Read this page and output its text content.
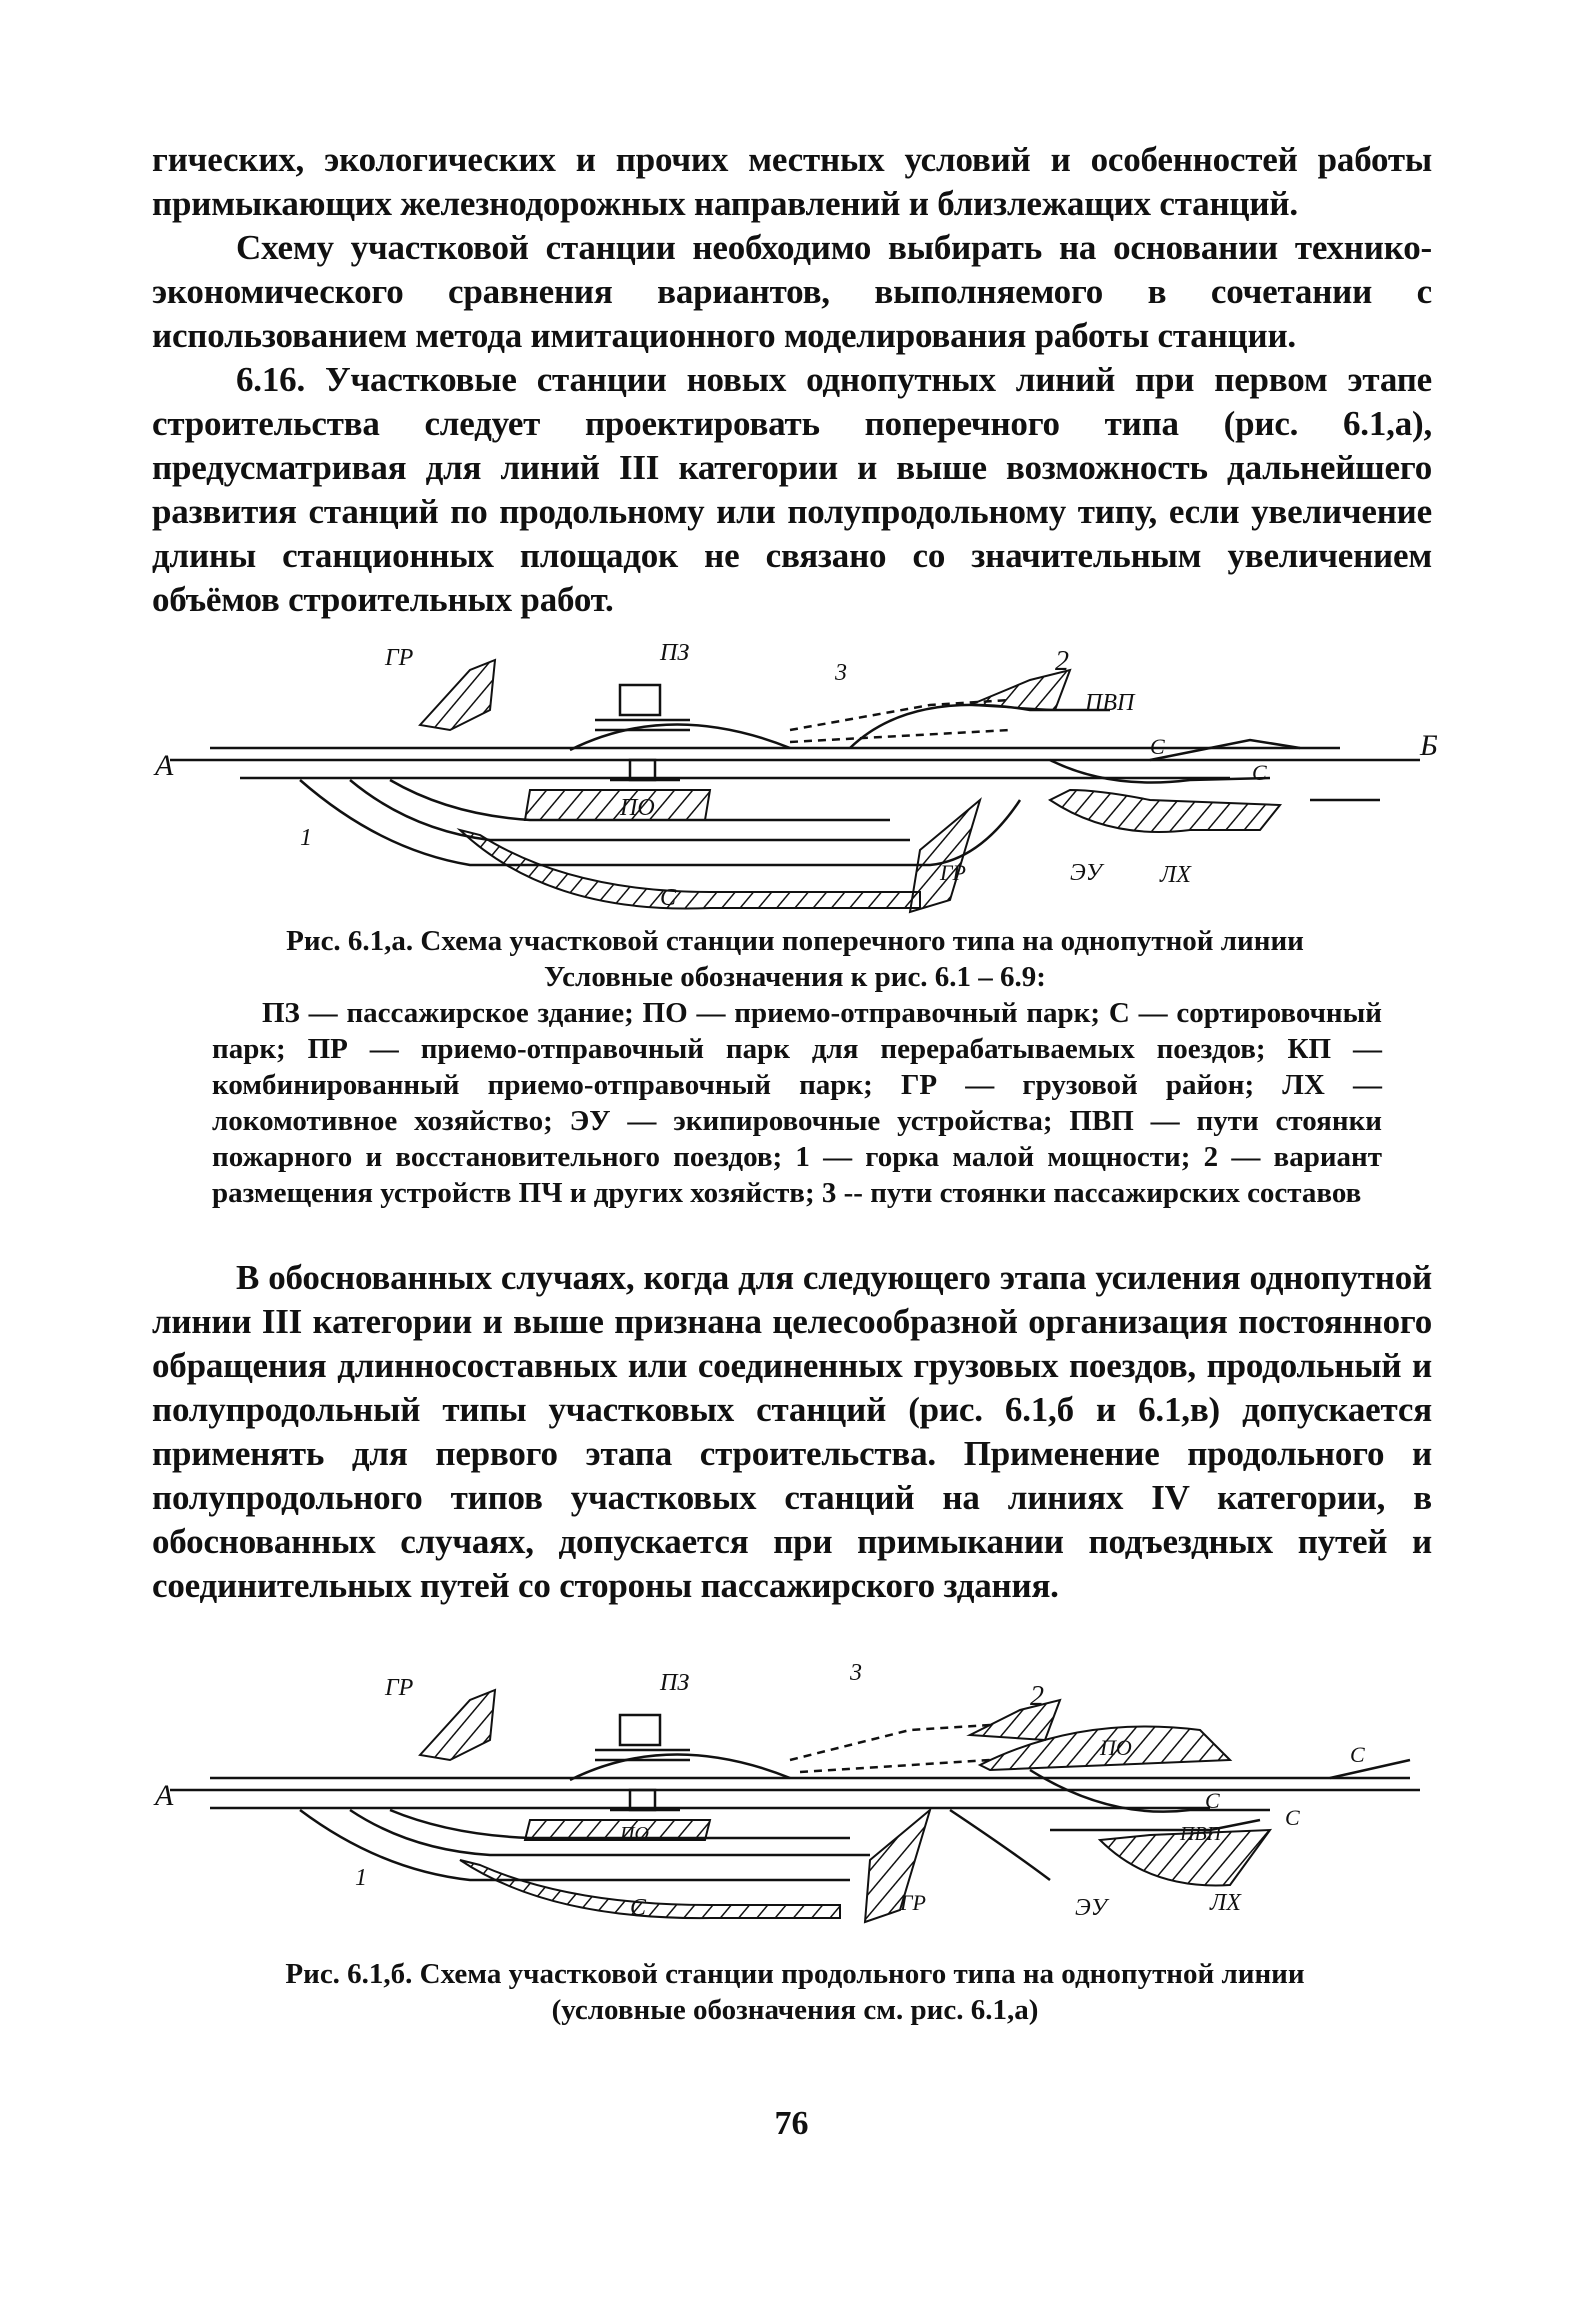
гических, экологических и прочих местных условий и особенностей работы примыкающих железнодорожных направлений и близлежащих станций.

Схему участковой станции необходимо выбирать на основании технико-экономического сравнения вариантов, выполняемого в сочетании с использованием метода имитационного моделирования работы станции.

6.16. Участковые станции новых однопутных линий при первом этапе строительства следует проектировать поперечного типа (рис. 6.1,а), предусматривая для линий III категории и выше возможность дальнейшего развития станций по продольному или полупродольному типу, если увеличение длины станционных площадок не связано со значительным увеличением объёмов строительных работ.

А
Б
ГР	ПЗ
3	2
ПВП
С
С
ПО
С
ГР	ЭУ ЛХ
1
Рис. 6.1,а. Схема участковой станции поперечного типа на однопутной линии
Условные обозначения к рис. 6.1 – 6.9:
ПЗ — пассажирское здание; ПО — приемо-отправочный парк; С — сортировочный парк; ПР — приемо-отправочный парк для перерабатываемых поездов; КП — комбинированный приемо-отправочный парк; ГР — грузовой район; ЛХ — локомотивное хозяйство; ЭУ — экипировочные устройства; ПВП — пути стоянки пожарного и восстановительного поездов; 1 — горка малой мощности; 2 — вариант размещения устройств ПЧ и других хозяйств; 3 -- пути стоянки пассажирских составов

В обоснованных случаях, когда для следующего этапа усиления однопутной линии III категории и выше признана целесообразной организация постоянного обращения длинносоставных или соединенных грузовых поездов, продольный и полупродольный типы участковых станций (рис. 6.1,б и 6.1,в) допускается применять для первого этапа строительства. Применение продольного и полупродольного типов участковых станций на линиях IV категории, в обоснованных случаях, допускается при примыкании подъездных путей и соединительных путей со стороны пассажирского здания.

А
ГР	ПЗ	3
2
ПО	С
С
С
ПВП
ПО
С	ГР	ЭУ	ЛХ
1
Рис. 6.1,б. Схема участковой станции продольного типа на однопутной линии
(условные обозначения см. рис. 6.1,а)
76
